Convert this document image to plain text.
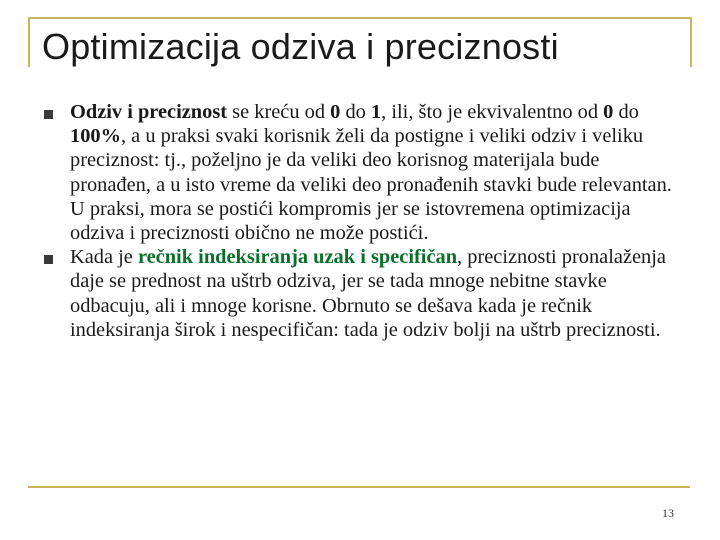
Optimizacija odziva i preciznosti
Odziv i preciznost se kreću od 0 do 1, ili, što je ekvivalentno od 0 do 100%, a u praksi svaki korisnik želi da postigne i veliki odziv i veliku preciznost: tj., poželjno je da veliki deo korisnog materijala bude pronađen, a u isto vreme da veliki deo pronađenih stavki bude relevantan. U praksi, mora se postići kompromis jer se istovremena optimizacija odziva i preciznosti obično ne može postići.
Kada je rečnik indeksiranja uzak i specifičan, preciznosti pronalaženja daje se prednost na uštrb odziva, jer se tada mnoge nebitne stavke odbacuju, ali i mnoge korisne. Obrnuto se dešava kada je rečnik indeksiranja širok i nespecifičan: tada je odziv bolji na uštrb preciznosti.
13
